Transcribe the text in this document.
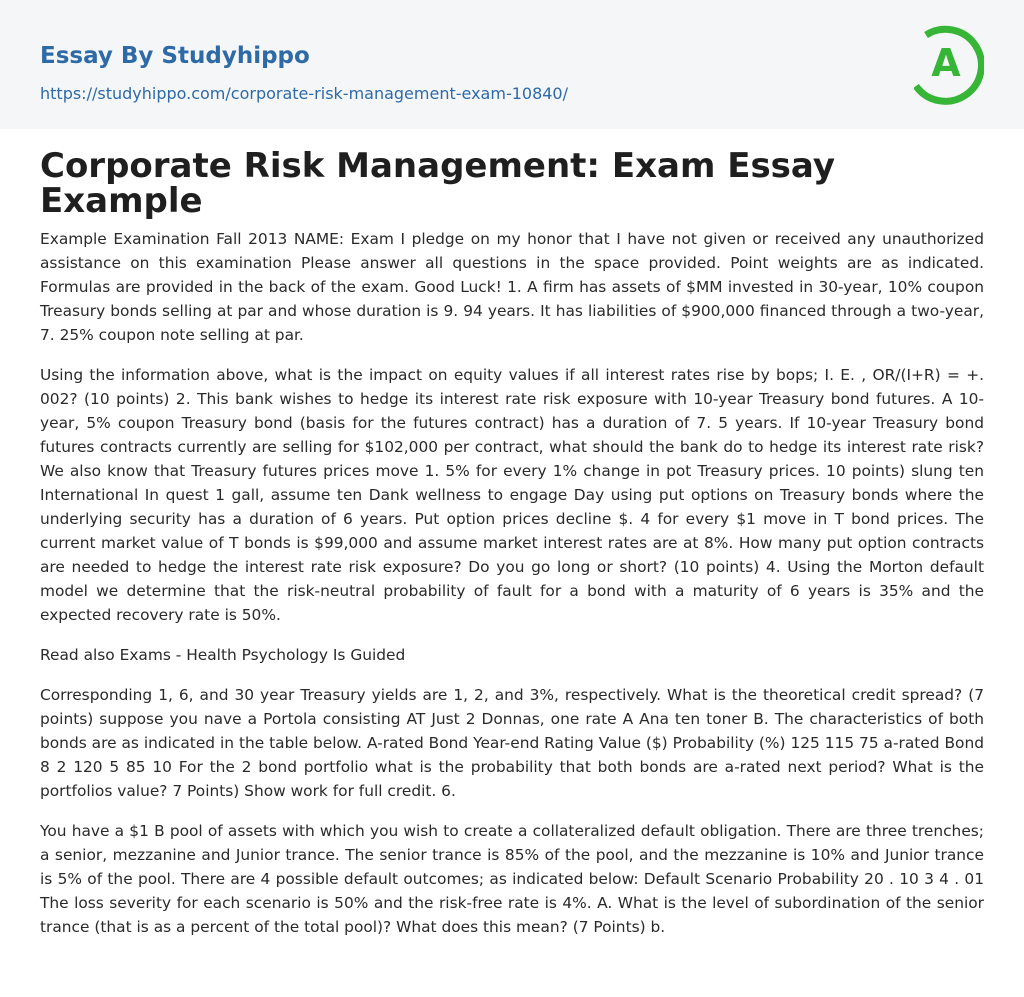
Essay By Studyhippo
https://studyhippo.com/corporate-risk-management-exam-10840/
A
Corporate Risk Management: Exam Essay Example

Example Examination Fall 2013 NAME: Exam I pledge on my honor that I have not given or received any unauthorized assistance on this examination Please answer all questions in the space provided. Point weights are as indicated. Formulas are provided in the back of the exam. Good Luck! 1. A firm has assets of $MM invested in 30-year, 10% coupon Treasury bonds selling at par and whose duration is 9. 94 years. It has liabilities of $900,000 financed through a two-year, 7. 25% coupon note selling at par.

Using the information above, what is the impact on equity values if all interest rates rise by bops; I. E. , OR/(I+R) = +. 002? (10 points) 2. This bank wishes to hedge its interest rate risk exposure with 10-year Treasury bond futures. A 10-year, 5% coupon Treasury bond (basis for the futures contract) has a duration of 7. 5 years. If 10-year Treasury bond futures contracts currently are selling for $102,000 per contract, what should the bank do to hedge its interest rate risk? We also know that Treasury futures prices move 1. 5% for every 1% change in pot Treasury prices. 10 points) slung ten International In quest 1 gall, assume ten Dank wellness to engage Day using put options on Treasury bonds where the underlying security has a duration of 6 years. Put option prices decline $. 4 for every $1 move in T bond prices. The current market value of T bonds is $99,000 and assume market interest rates are at 8%. How many put option contracts are needed to hedge the interest rate risk exposure? Do you go long or short? (10 points) 4. Using the Morton default model we determine that the risk-neutral probability of fault for a bond with a maturity of 6 years is 35% and the expected recovery rate is 50%.

Read also Exams - Health Psychology Is Guided

Corresponding 1, 6, and 30 year Treasury yields are 1, 2, and 3%, respectively. What is the theoretical credit spread? (7 points) suppose you nave a Portola consisting AT Just 2 Donnas, one rate A Ana ten toner B. The characteristics of both bonds are as indicated in the table below. A-rated Bond Year-end Rating Value ($) Probability (%) 125 115 75 a-rated Bond 8 2 120 5 85 10 For the 2 bond portfolio what is the probability that both bonds are a-rated next period? What is the portfolios value? 7 Points) Show work for full credit. 6.

You have a $1 B pool of assets with which you wish to create a collateralized default obligation. There are three trenches; a senior, mezzanine and Junior trance. The senior trance is 85% of the pool, and the mezzanine is 10% and Junior trance is 5% of the pool. There are 4 possible default outcomes; as indicated below: Default Scenario Probability 20 . 10 3 4 . 01 The loss severity for each scenario is 50% and the risk-free rate is 4%. A. What is the level of subordination of the senior trance (that is as a percent of the total pool)? What does this mean? (7 Points) b.
